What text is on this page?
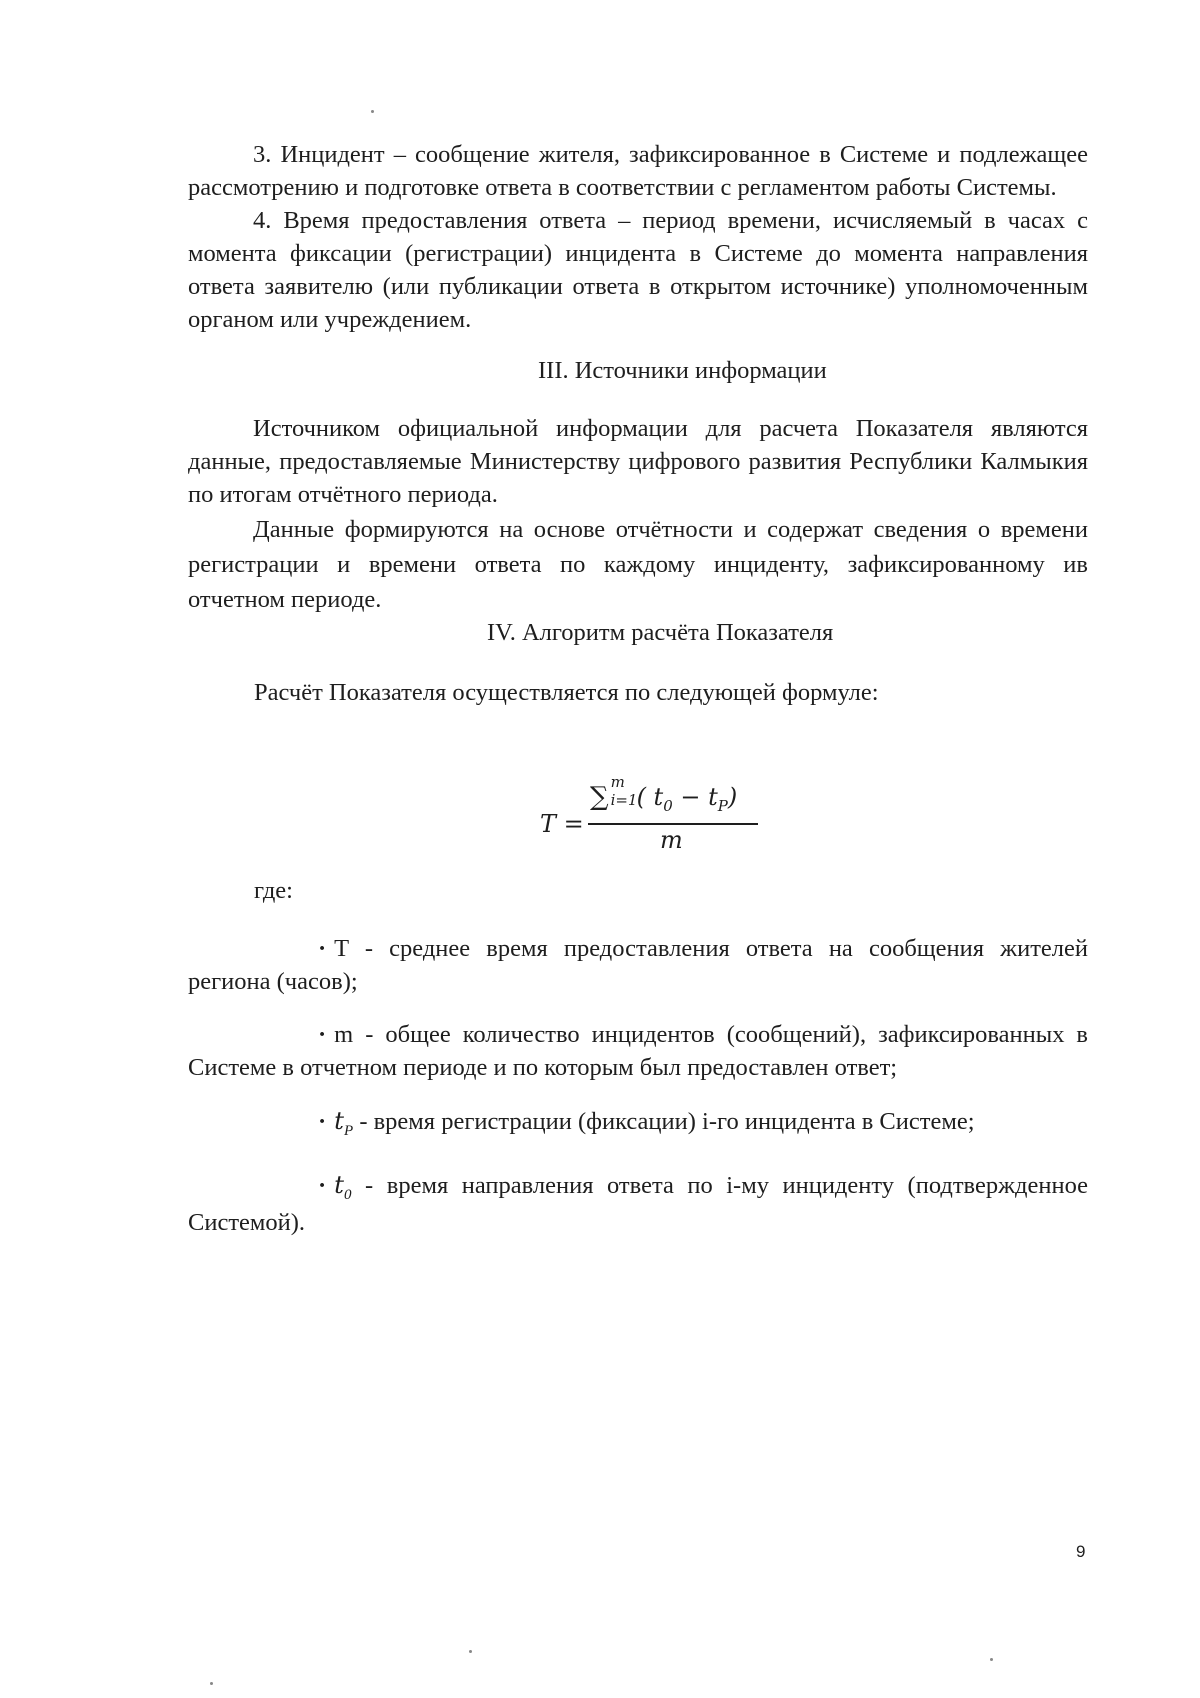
3. Инцидент – сообщение жителя, зафиксированное в Системе и подлежащее рассмотрению и подготовке ответа в соответствии с регламентом работы Системы.

4. Время предоставления ответа – период времени, исчисляемый в часах с момента фиксации (регистрации) инцидента в Системе до момента направления ответа заявителю (или публикации ответа в открытом источнике) уполномоченным органом или учреждением.

III. Источники информации

Источником официальной информации для расчета Показателя являются данные, предоставляемые Министерству цифрового развития Республики Калмыкия по итогам отчётного периода.

Данные формируются на основе отчётности и содержат сведения о времени регистрации и времени ответа по каждому инциденту, зафиксированному ив отчетном периоде.

IV. Алгоритм расчёта Показателя
Расчёт Показателя осуществляется по следующей формуле:
T =
∑ m
i=1 ( $t_0 - t_P$)
m
где:

· T - среднее время предоставления ответа на сообщения жителей региона (часов);

· m - общее количество инцидентов (сообщений), зафиксированных в Системе в отчетном периоде и по которым был предоставлен ответ;

· $t_P$ - время регистрации (фиксации) i-го инцидента в Системе;

· $t_0$ - время направления ответа по i-му инциденту (подтвержденное Системой).

9
